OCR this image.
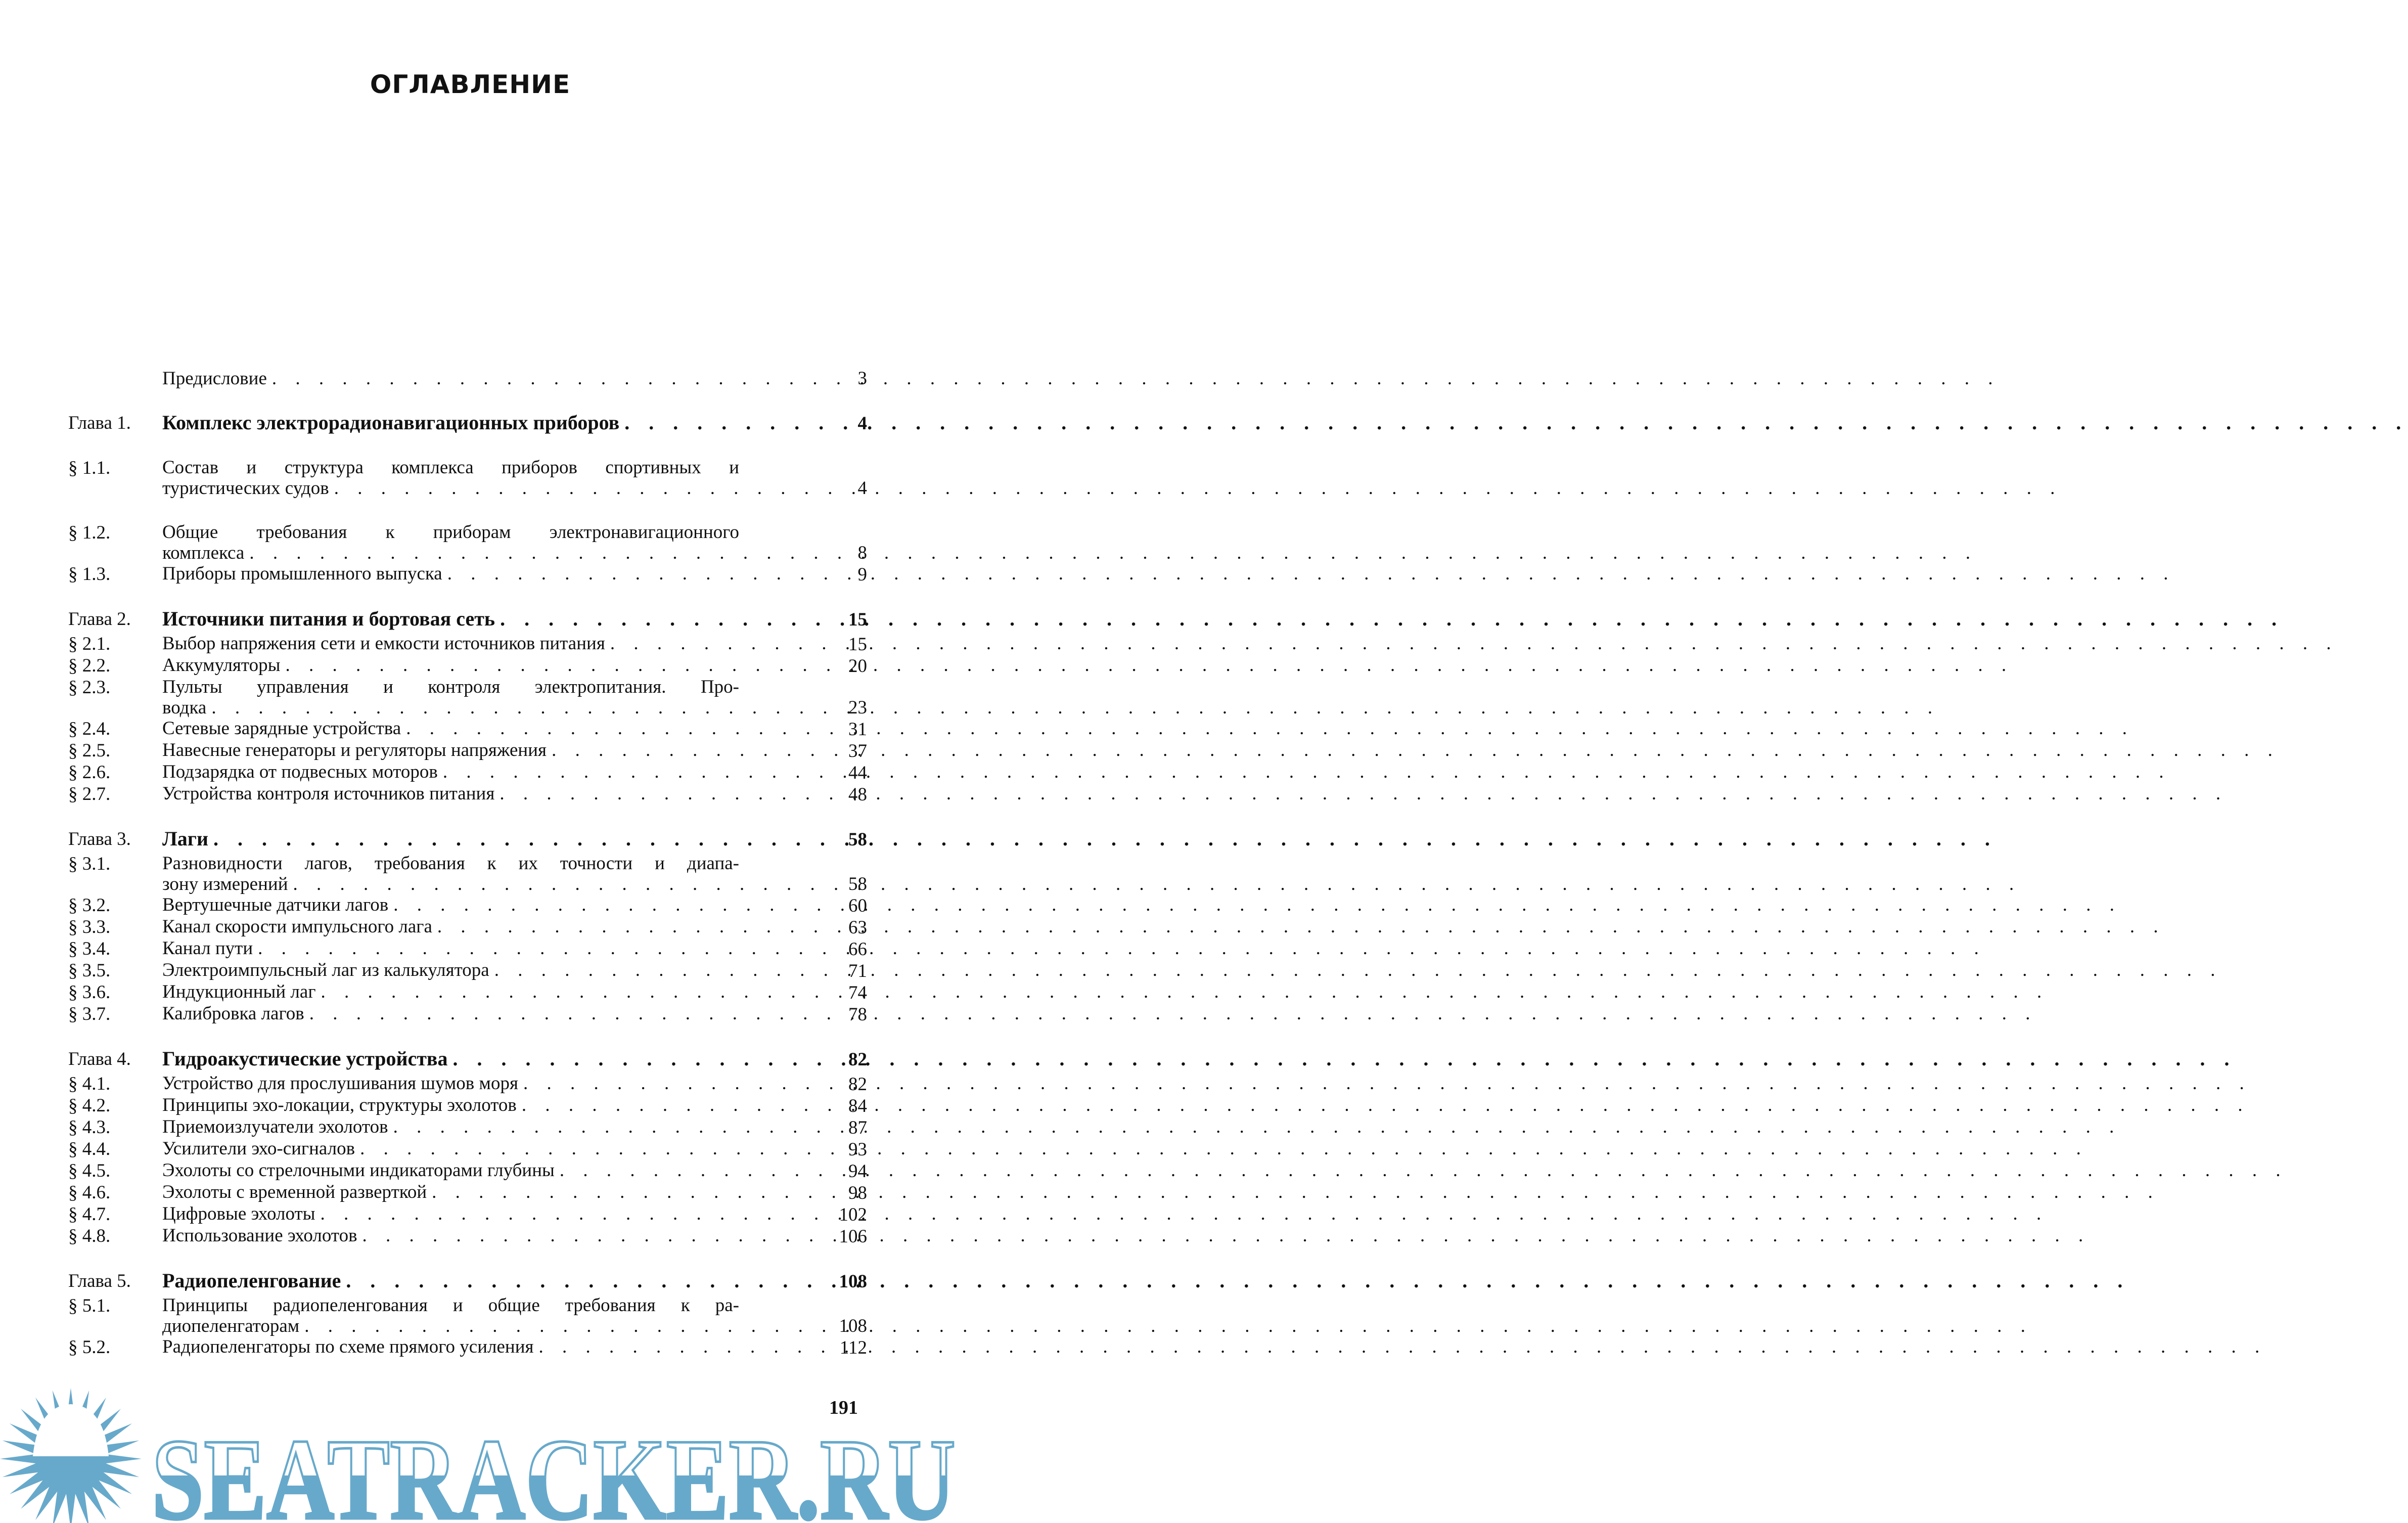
ОГЛАВЛЕНИЕ
Предисловие . . .	3
Глава 1.	Комплекс электрорадионавигационных приборов . . .	4
§ 1.1.	Состав и структура комплекса приборов спортивных и
туристических судов . . .	4
§ 1.2.	Общие требования к приборам электронавигационного
комплекса . . .	8
§ 1.3.	Приборы промышленного выпуска . . .	9
Глава 2.	Источники питания и бортовая сеть . . .	15
§ 2.1.	Выбор напряжения сети и емкости источников питания . . .	15
§ 2.2.	Аккумуляторы . . .	20
§ 2.3.	Пульты управления и контроля электропитания. Про-
водка . . .	23
§ 2.4.	Сетевые зарядные устройства . . .	31
§ 2.5.	Навесные генераторы и регуляторы напряжения . . .	37
§ 2.6.	Подзарядка от подвесных моторов . . .	44
§ 2.7.	Устройства контроля источников питания . . .	48
Глава 3.	Лаги . . .	58
§ 3.1.	Разновидности лагов, требования к их точности и диапа-
зону измерений . . .	58
§ 3.2.	Вертушечные датчики лагов . . .	60
§ 3.3.	Канал скорости импульсного лага . . .	63
§ 3.4.	Канал пути . . .	66
§ 3.5.	Электроимпульсный лаг из калькулятора . . .	71
§ 3.6.	Индукционный лаг . . .	74
§ 3.7.	Калибровка лагов . . .	78
Глава 4.	Гидроакустические устройства . . .	82
§ 4.1.	Устройство для прослушивания шумов моря . . .	82
§ 4.2.	Принципы эхо-локации, структуры эхолотов . . .	84
§ 4.3.	Приемоизлучатели эхолотов . . .	87
§ 4.4.	Усилители эхо-сигналов . . .	93
§ 4.5.	Эхолоты со стрелочными индикаторами глубины . . .	94
§ 4.6.	Эхолоты с временной разверткой . . .	98
§ 4.7.	Цифровые эхолоты . . .	102
§ 4.8.	Использование эхолотов . . .	106
Глава 5.	Радиопеленгование . . .	108
§ 5.1.	Принципы радиопеленгования и общие требования к ра-
диопеленгаторам . . .	108
§ 5.2.	Радиопеленгаторы по схеме прямого усиления . . .	112
191
SEATRACKER.RU
